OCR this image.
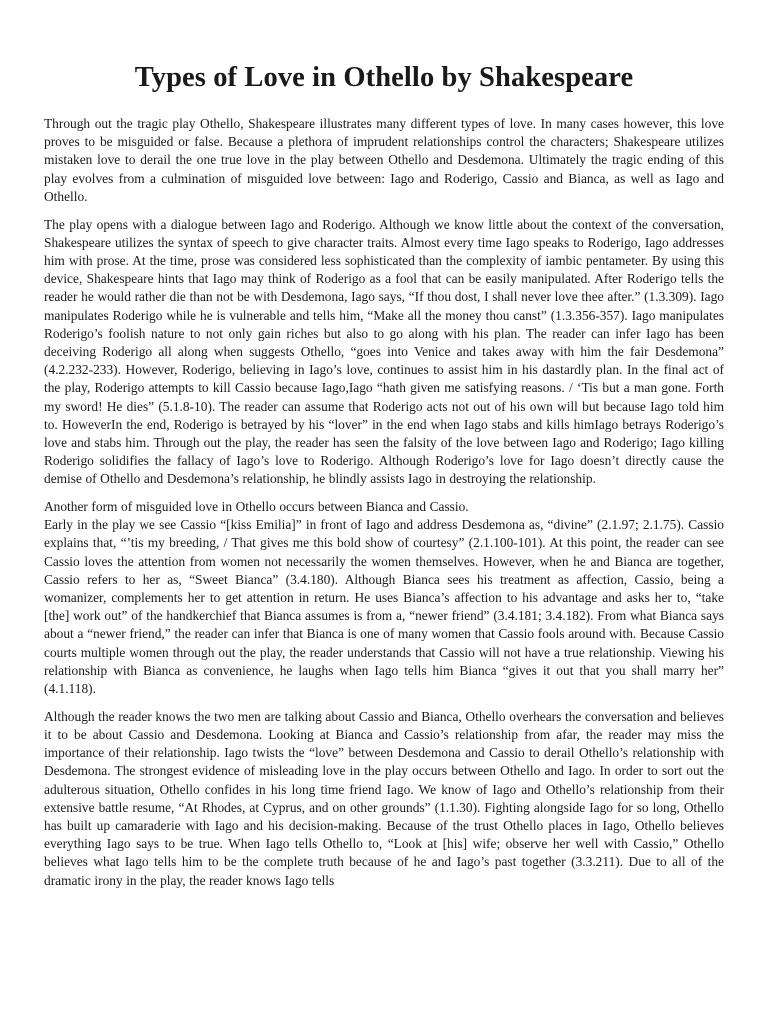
Types of Love in Othello by Shakespeare

Through out the tragic play Othello, Shakespeare illustrates many different types of love. In many cases however, this love proves to be misguided or false. Because a plethora of imprudent relationships control the characters; Shakespeare utilizes mistaken love to derail the one true love in the play between Othello and Desdemona. Ultimately the tragic ending of this play evolves from a culmination of misguided love between: Iago and Roderigo, Cassio and Bianca, as well as Iago and Othello.

The play opens with a dialogue between Iago and Roderigo. Although we know little about the context of the conversation, Shakespeare utilizes the syntax of speech to give character traits. Almost every time Iago speaks to Roderigo, Iago addresses him with prose. At the time, prose was considered less sophisticated than the complexity of iambic pentameter. By using this device, Shakespeare hints that Iago may think of Roderigo as a fool that can be easily manipulated. After Roderigo tells the reader he would rather die than not be with Desdemona, Iago says, “If thou dost, I shall never love thee after.” (1.3.309). Iago manipulates Roderigo while he is vulnerable and tells him, “Make all the money thou canst” (1.3.356-357). Iago manipulates Roderigo’s foolish nature to not only gain riches but also to go along with his plan. The reader can infer Iago has been deceiving Roderigo all along when suggests Othello, “goes into Venice and takes away with him the fair Desdemona” (4.2.232-233). However, Roderigo, believing in Iago’s love, continues to assist him in his dastardly plan. In the final act of the play, Roderigo attempts to kill Cassio because Iago,Iago “hath given me satisfying reasons. / ‘Tis but a man gone. Forth my sword! He dies” (5.1.8-10). The reader can assume that Roderigo acts not out of his own will but because Iago told him to. HoweverIn the end, Roderigo is betrayed by his “lover” in the end when Iago stabs and kills himIago betrays Roderigo’s love and stabs him. Through out the play, the reader has seen the falsity of the love between Iago and Roderigo; Iago killing Roderigo solidifies the fallacy of Iago’s love to Roderigo. Although Roderigo’s love for Iago doesn’t directly cause the demise of Othello and Desdemona’s relationship, he blindly assists Iago in destroying the relationship.

Another form of misguided love in Othello occurs between Bianca and Cassio.

Early in the play we see Cassio “[kiss Emilia]” in front of Iago and address Desdemona as, “divine” (2.1.97; 2.1.75). Cassio explains that, “’tis my breeding, / That gives me this bold show of courtesy” (2.1.100-101). At this point, the reader can see Cassio loves the attention from women not necessarily the women themselves. However, when he and Bianca are together, Cassio refers to her as, “Sweet Bianca” (3.4.180). Although Bianca sees his treatment as affection, Cassio, being a womanizer, complements her to get attention in return. He uses Bianca’s affection to his advantage and asks her to, “take [the] work out” of the handkerchief that Bianca assumes is from a, “newer friend” (3.4.181; 3.4.182). From what Bianca says about a “newer friend,” the reader can infer that Bianca is one of many women that Cassio fools around with. Because Cassio courts multiple women through out the play, the reader understands that Cassio will not have a true relationship. Viewing his relationship with Bianca as convenience, he laughs when Iago tells him Bianca “gives it out that you shall marry her” (4.1.118).

Although the reader knows the two men are talking about Cassio and Bianca, Othello overhears the conversation and believes it to be about Cassio and Desdemona. Looking at Bianca and Cassio’s relationship from afar, the reader may miss the importance of their relationship. Iago twists the “love” between Desdemona and Cassio to derail Othello’s relationship with Desdemona. The strongest evidence of misleading love in the play occurs between Othello and Iago. In order to sort out the adulterous situation, Othello confides in his long time friend Iago. We know of Iago and Othello’s relationship from their extensive battle resume, “At Rhodes, at Cyprus, and on other grounds” (1.1.30). Fighting alongside Iago for so long, Othello has built up camaraderie with Iago and his decision-making. Because of the trust Othello places in Iago, Othello believes everything Iago says to be true. When Iago tells Othello to, “Look at [his] wife; observe her well with Cassio,” Othello believes what Iago tells him to be the complete truth because of he and Iago’s past together (3.3.211). Due to all of the dramatic irony in the play, the reader knows Iago tells
